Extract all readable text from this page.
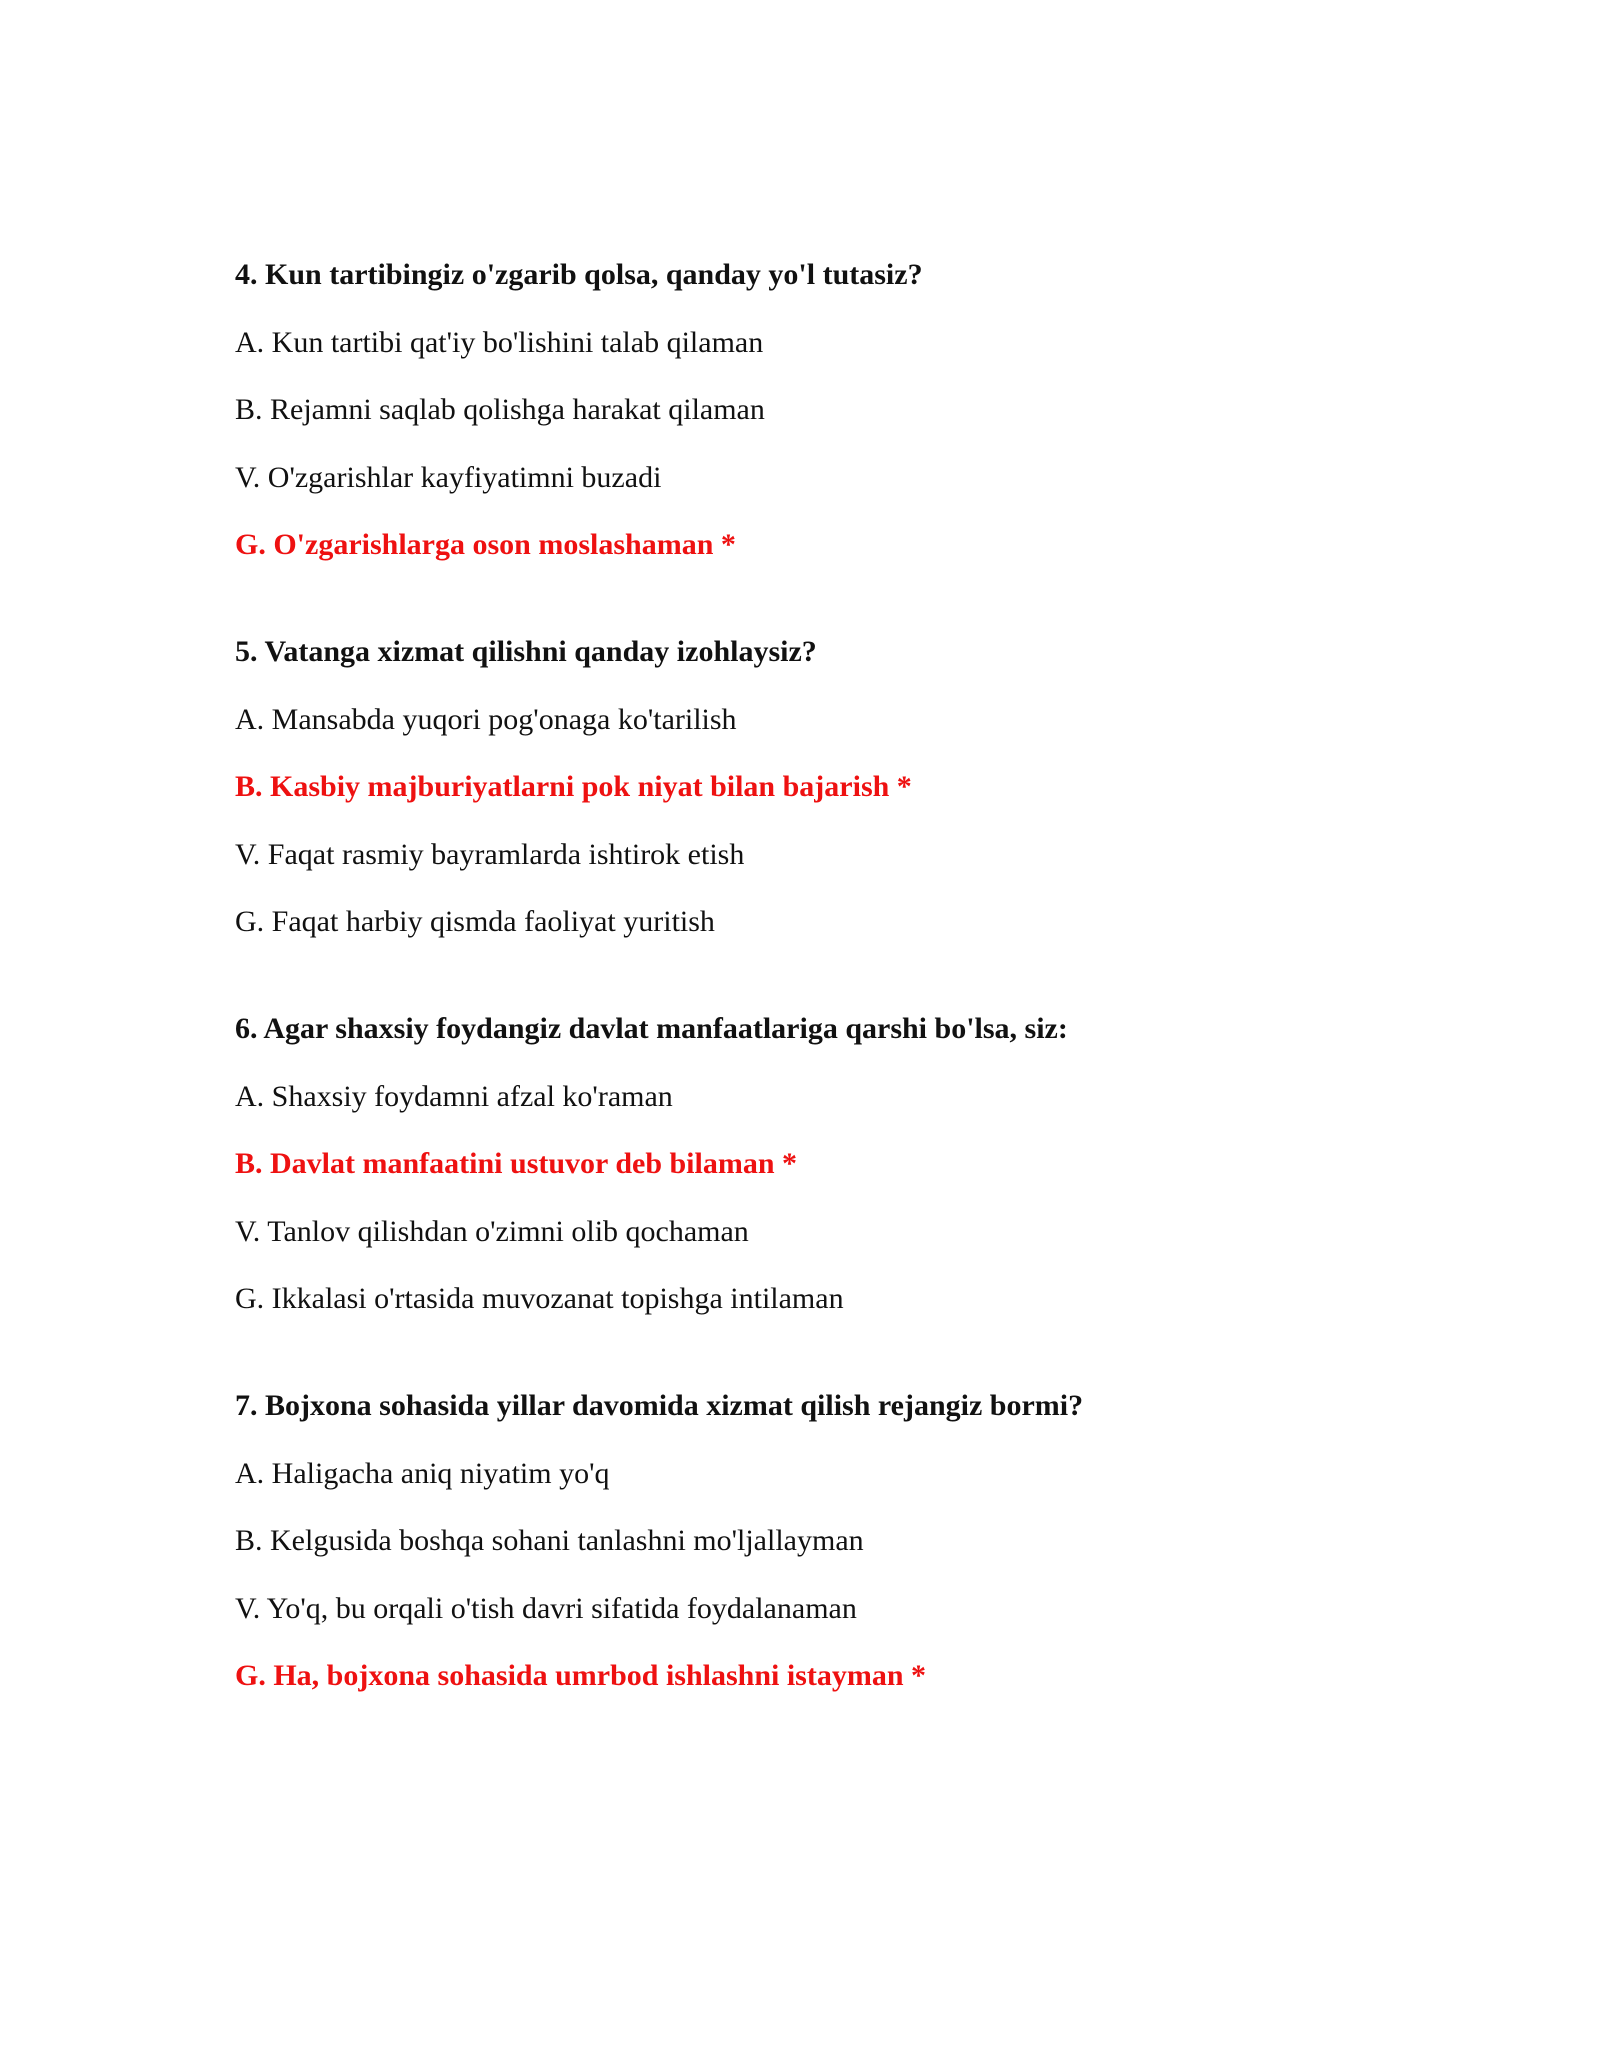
4. Kun tartibingiz o'zgarib qolsa, qanday yo'l tutasiz?

A. Kun tartibi qat'iy bo'lishini talab qilaman

B. Rejamni saqlab qolishga harakat qilaman

V. O'zgarishlar kayfiyatimni buzadi

G. O'zgarishlarga oson moslashaman *

5. Vatanga xizmat qilishni qanday izohlaysiz?

A. Mansabda yuqori pog'onaga ko'tarilish

B. Kasbiy majburiyatlarni pok niyat bilan bajarish *

V. Faqat rasmiy bayramlarda ishtirok etish

G. Faqat harbiy qismda faoliyat yuritish

6. Agar shaxsiy foydangiz davlat manfaatlariga qarshi bo'lsa, siz:

A. Shaxsiy foydamni afzal ko'raman

B. Davlat manfaatini ustuvor deb bilaman *

V. Tanlov qilishdan o'zimni olib qochaman

G. Ikkalasi o'rtasida muvozanat topishga intilaman

7. Bojxona sohasida yillar davomida xizmat qilish rejangiz bormi?

A. Haligacha aniq niyatim yo'q

B. Kelgusida boshqa sohani tanlashni mo'ljallayman

V. Yo'q, bu orqali o'tish davri sifatida foydalanaman

G. Ha, bojxona sohasida umrbod ishlashni istayman *
